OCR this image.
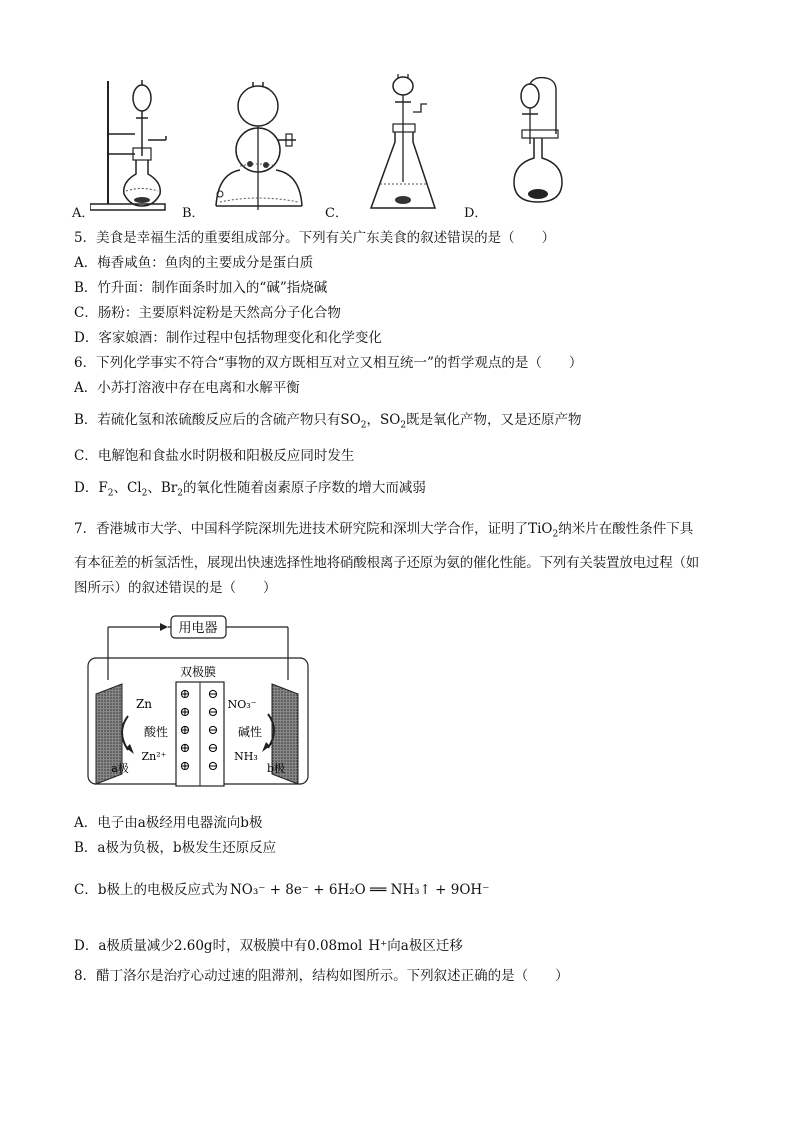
A．	B．	C．	D．
5．美食是幸福生活的重要组成部分。下列有关广东美食的叙述错误的是（　　）
A．梅香咸鱼：鱼肉的主要成分是蛋白质
B．竹升面：制作面条时加入的“碱”指烧碱
C．肠粉：主要原料淀粉是天然高分子化合物
D．客家娘酒：制作过程中包括物理变化和化学变化
6．下列化学事实不符合“事物的双方既相互对立又相互统一”的哲学观点的是（　　）
A．小苏打溶液中存在电离和水解平衡
B．若硫化氢和浓硫酸反应后的含硫产物只有$SO_2$，$SO_2$既是氧化产物，又是还原产物
C．电解饱和食盐水时阴极和阳极反应同时发生
D．$F_2$、$Cl_2$、$Br_2$的氧化性随着卤素原子序数的增大而减弱
7．香港城市大学、中国科学院深圳先进技术研究院和深圳大学合作，证明了TiO$_2$纳米片在酸性条件下具
有本征差的析氢活性，展现出快速选择性地将硝酸根离子还原为氨的催化性能。下列有关装置放电过程（如
图所示）的叙述错误的是（　　）
用电器
双极膜
⊕
⊕
⊕
⊕
⊕
⊖
⊖
⊖
⊖
⊖
Zn
酸性
Zn²⁺
a极
NO₃⁻
碱性
NH₃
b极
A．电子由a极经用电器流向b极
B．a极为负极，b极发生还原反应
C．b极上的电极反应式为 NO₃⁻ + 8e⁻ + 6H₂O ══ NH₃↑ + 9OH⁻
D．a极质量减少2.60g时，双极膜中有0.08mol H⁺向a极区迁移
8．醋丁洛尔是治疗心动过速的阻滞剂，结构如图所示。下列叙述正确的是（　　）
